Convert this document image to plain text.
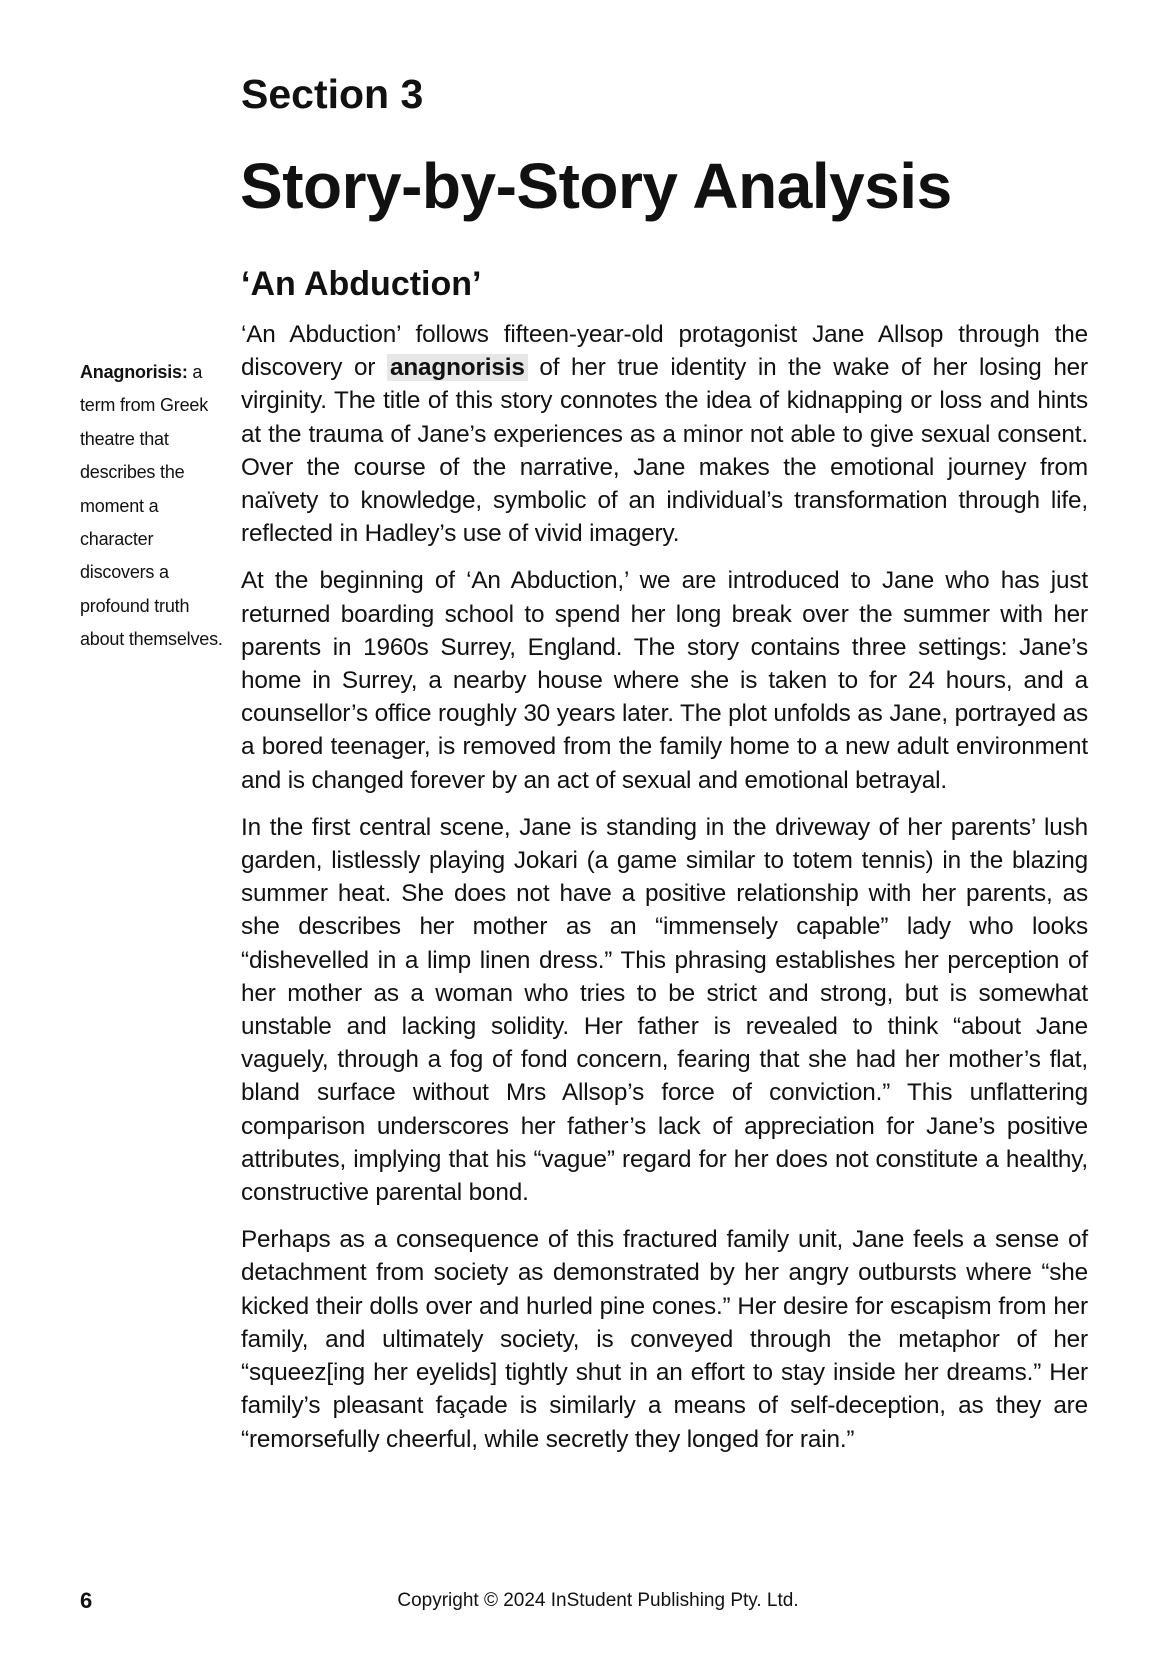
Section 3
Story-by-Story Analysis
‘An Abduction’
Anagnorisis: a term from Greek theatre that describes the moment a character discovers a profound truth about themselves.

‘An Abduction’ follows fifteen-year-old protagonist Jane Allsop through the discovery or anagnorisis of her true identity in the wake of her losing her virginity. The title of this story connotes the idea of kidnapping or loss and hints at the trauma of Jane’s experiences as a minor not able to give sexual consent. Over the course of the narrative, Jane makes the emotional journey from naïvety to knowledge, symbolic of an individual’s transformation through life, reflected in Hadley’s use of vivid imagery.

At the beginning of ‘An Abduction,’ we are introduced to Jane who has just returned boarding school to spend her long break over the summer with her parents in 1960s Surrey, England. The story contains three settings: Jane’s home in Surrey, a nearby house where she is taken to for 24 hours, and a counsellor’s office roughly 30 years later. The plot unfolds as Jane, portrayed as a bored teenager, is removed from the family home to a new adult environment and is changed forever by an act of sexual and emotional betrayal.

In the first central scene, Jane is standing in the driveway of her parents’ lush garden, listlessly playing Jokari (a game similar to totem tennis) in the blazing summer heat. She does not have a positive relationship with her parents, as she describes her mother as an “immensely capable” lady who looks “dishevelled in a limp linen dress.” This phrasing establishes her perception of her mother as a woman who tries to be strict and strong, but is somewhat unstable and lacking solidity. Her father is revealed to think “about Jane vaguely, through a fog of fond concern, fearing that she had her mother’s flat, bland surface without Mrs Allsop’s force of conviction.” This unflattering comparison underscores her father’s lack of appreciation for Jane’s positive attributes, implying that his “vague” regard for her does not constitute a healthy, constructive parental bond.

Perhaps as a consequence of this fractured family unit, Jane feels a sense of detachment from society as demonstrated by her angry outbursts where “she kicked their dolls over and hurled pine cones.” Her desire for escapism from her family, and ultimately society, is conveyed through the metaphor of her “squeez[ing her eyelids] tightly shut in an effort to stay inside her dreams.” Her family’s pleasant façade is similarly a means of self-deception, as they are “remorsefully cheerful, while secretly they longed for rain.”

6	Copyright © 2024 InStudent Publishing Pty. Ltd.
